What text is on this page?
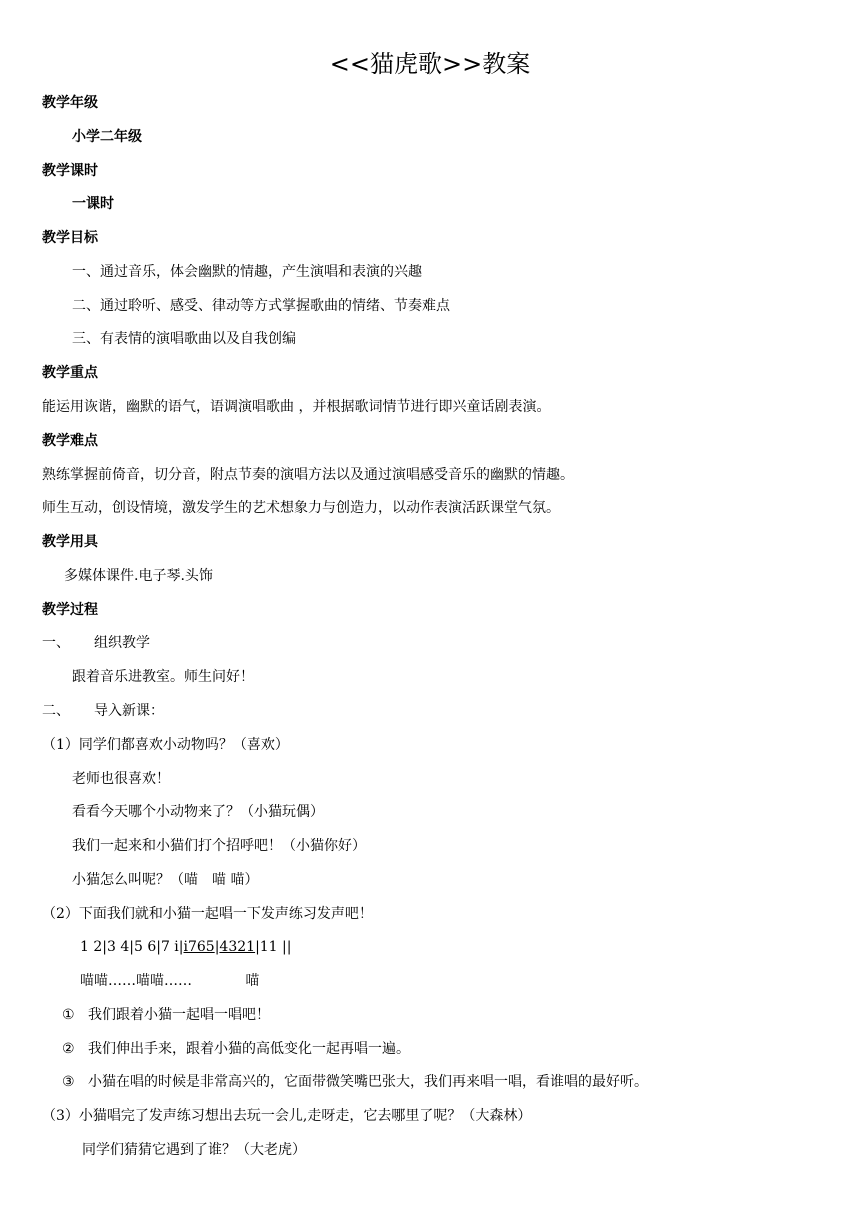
<<猫虎歌>>教案
教学年级
小学二年级
教学课时
一课时
教学目标
一、通过音乐，体会幽默的情趣，产生演唱和表演的兴趣
二、通过聆听、感受、律动等方式掌握歌曲的情绪、节奏难点
三、有表情的演唱歌曲以及自我创编
教学重点
能运用诙谐，幽默的语气，语调演唱歌曲 ，并根据歌词情节进行即兴童话剧表演。
教学难点
熟练掌握前倚音，切分音，附点节奏的演唱方法以及通过演唱感受音乐的幽默的情趣。
师生互动，创设情境，激发学生的艺术想象力与创造力，以动作表演活跃课堂气氛。
教学用具
多媒体课件.电子琴.头饰
教学过程
一、 组织教学
跟着音乐进教室。师生问好！
二、 导入新课：
（1）同学们都喜欢小动物吗？（喜欢）
老师也很喜欢！
看看今天哪个小动物来了？（小猫玩偶）
我们一起来和小猫们打个招呼吧！（小猫你好）
小猫怎么叫呢？（喵　喵 喵）
（2）下面我们就和小猫一起唱一下发声练习发声吧！
1 2|3 4|5 6|7 i|i765|4321|11 ||
喵喵……喵喵……            喵
① 我们跟着小猫一起唱一唱吧！
② 我们伸出手来，跟着小猫的高低变化一起再唱一遍。
③ 小猫在唱的时候是非常高兴的，它面带微笑嘴巴张大，我们再来唱一唱，看谁唱的最好听。
（3）小猫唱完了发声练习想出去玩一会儿,走呀走，它去哪里了呢？（大森林）
同学们猜猜它遇到了谁？（大老虎）
